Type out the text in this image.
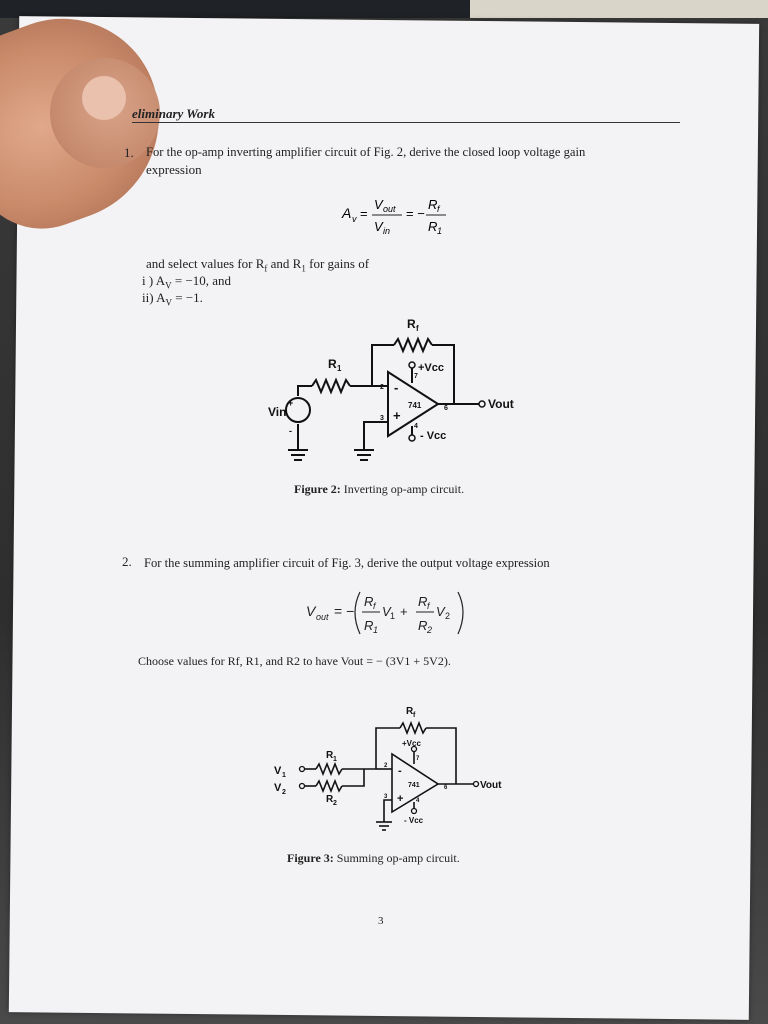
eliminary Work
1. For the op-amp inverting amplifier circuit of Fig. 2, derive the closed loop voltage gain
expression
A v =
V out
V in
= −
R f
R 1
and select values for $R_f$ and $R_1$ for gains of
i ) $A_V = -10$, and
ii) $A_V = -1$.
R f
R 1	+Vcc
- Vcc
741	Vout
Vin
2
3
4
6
7
+
-
+
-
Figure 2: Inverting op-amp circuit.
2. For the summing amplifier circuit of Fig. 3, derive the output voltage expression
V out = −
R f
R 1
V 1 +
R f
R 2
V 2
Choose values for Rf, R1, and R2 to have Vout = − (3V1 + 5V2).
R f
R 1
R 2
V 1
V 2
+Vcc
- Vcc
741	Vout
2
3
4
6
7
+
-
Figure 3: Summing op-amp circuit.
3
